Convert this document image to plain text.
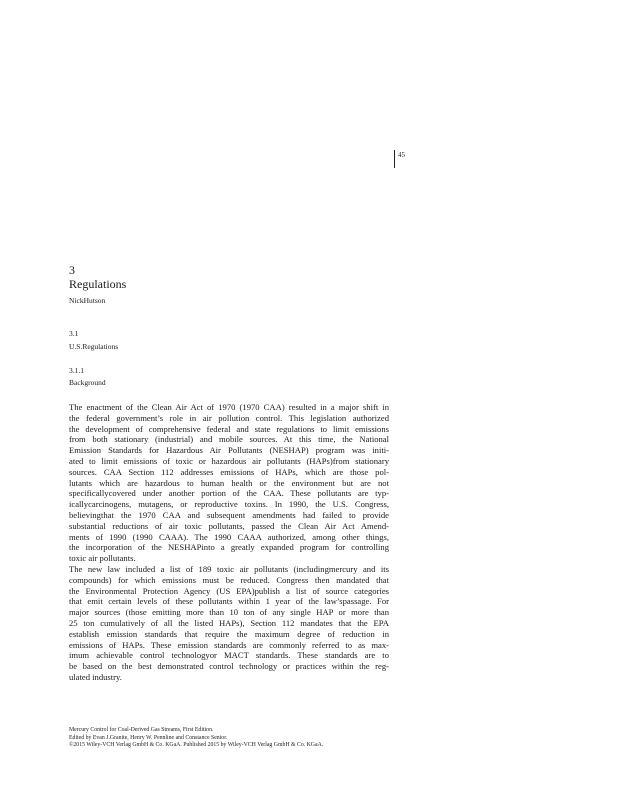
45
3
Regulations
NickHutson
3.1
U.S.Regulations
3.1.1
Background
The enactment of the Clean Air Act of 1970 (1970 CAA) resulted in a major shift in
the federal government’s role in air pollution control. This legislation authorized
the development of comprehensive federal and state regulations to limit emissions
from both stationary (industrial) and mobile sources. At this time, the National
Emission Standards for Hazardous Air Pollutants (NESHAP) program was initi-
ated to limit emissions of toxic or hazardous air pollutants (HAPs)from stationary
sources. CAA Section 112 addresses emissions of HAPs, which are those pol-
lutants which are hazardous to human health or the environment but are not
specificallycovered under another portion of the CAA. These pollutants are typ-
icallycarcinogens, mutagens, or reproductive toxins. In 1990, the U.S. Congress,
believingthat the 1970 CAA and subsequent amendments had failed to provide
substantial reductions of air toxic pollutants, passed the Clean Air Act Amend-
ments of 1990 (1990 CAAA). The 1990 CAAA authorized, among other things,
the incorporation of the NESHAPinto a greatly expanded program for controlling
toxic air pollutants.
The new law included a list of 189 toxic air pollutants (includingmercury and its
compounds) for which emissions must be reduced. Congress then mandated that
the Environmental Protection Agency (US EPA)publish a list of source categories
that emit certain levels of these pollutants within 1 year of the law’spassage. For
major sources (those emitting more than 10 ton of any single HAP or more than
25 ton cumulatively of all the listed HAPs), Section 112 mandates that the EPA
establish emission standards that require the maximum degree of reduction in
emissions of HAPs. These emission standards are commonly referred to as max-
imum achievable control technologyor MACT standards. These standards are to
be based on the best demonstrated control technology or practices within the reg-
ulated industry.
Mercury Control for Coal-Derived Gas Streams, First Edition.
Edited by Evan J.Granite, Henry W. Pennline and Constance Senior.
©2015 Wiley-VCH Verlag GmbH & Co. KGaA. Published 2015 by Wiley-VCH Verlag GmbH & Co. KGaA.
